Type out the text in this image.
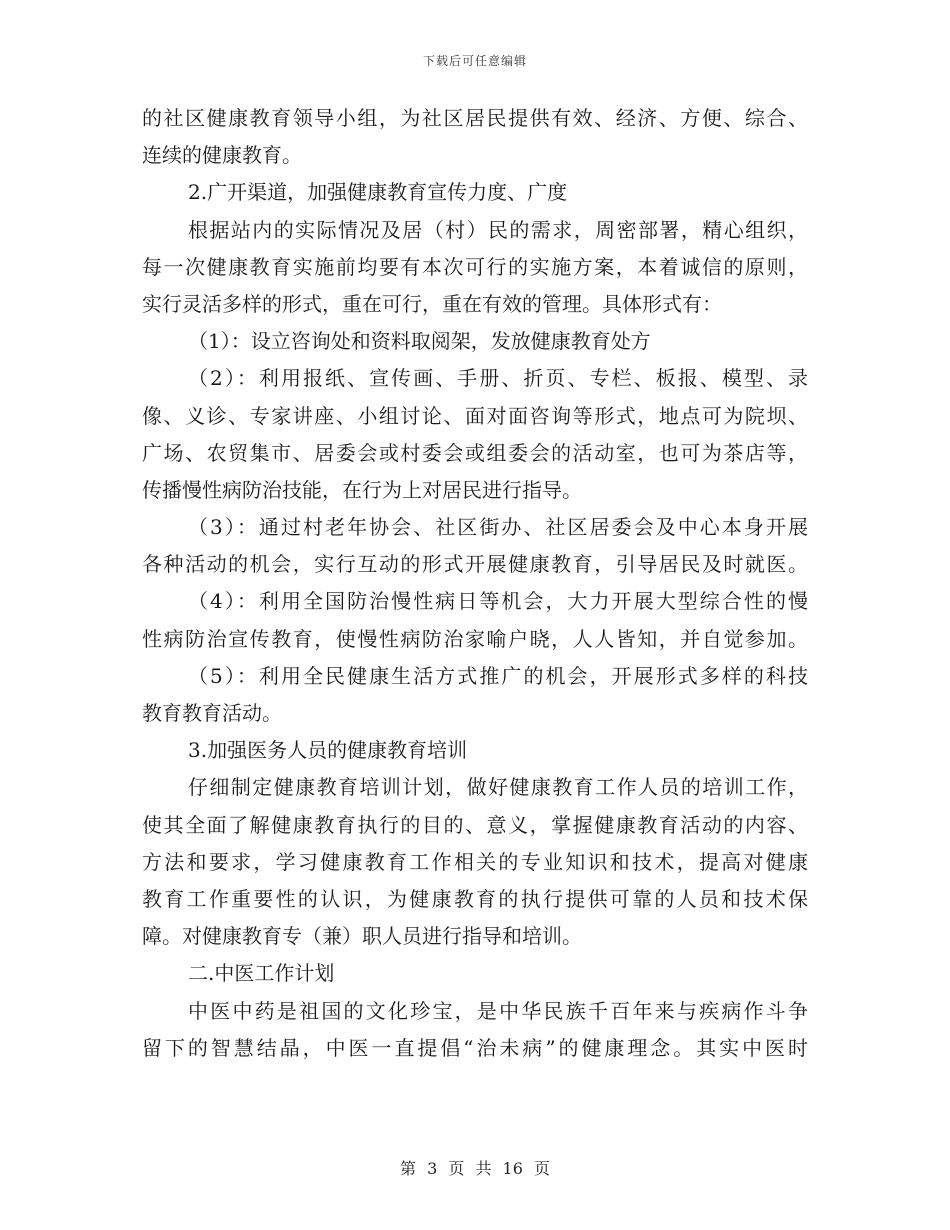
下载后可任意编辑
的社区健康教育领导小组，为社区居民提供有效、经济、方便、综合、
连续的健康教育。
2.广开渠道，加强健康教育宣传力度、广度
根据站内的实际情况及居（村）民的需求，周密部署，精心组织，
每一次健康教育实施前均要有本次可行的实施方案，本着诚信的原则，
实行灵活多样的形式，重在可行，重在有效的管理。具体形式有：
（1）：设立咨询处和资料取阅架，发放健康教育处方
（2）：利用报纸、宣传画、手册、折页、专栏、板报、模型、录
像、义诊、专家讲座、小组讨论、面对面咨询等形式，地点可为院坝、
广场、农贸集市、居委会或村委会或组委会的活动室，也可为茶店等，
传播慢性病防治技能，在行为上对居民进行指导。
（3）：通过村老年协会、社区街办、社区居委会及中心本身开展
各种活动的机会，实行互动的形式开展健康教育，引导居民及时就医。
（4）：利用全国防治慢性病日等机会，大力开展大型综合性的慢
性病防治宣传教育，使慢性病防治家喻户晓，人人皆知，并自觉参加。
（5）：利用全民健康生活方式推广的机会，开展形式多样的科技
教育教育活动。
3.加强医务人员的健康教育培训
仔细制定健康教育培训计划，做好健康教育工作人员的培训工作，
使其全面了解健康教育执行的目的、意义，掌握健康教育活动的内容、
方法和要求，学习健康教育工作相关的专业知识和技术，提高对健康
教育工作重要性的认识，为健康教育的执行提供可靠的人员和技术保
障。对健康教育专（兼）职人员进行指导和培训。
二.中医工作计划
中医中药是祖国的文化珍宝，是中华民族千百年来与疾病作斗争
留下的智慧结晶，中医一直提倡“治未病”的健康理念。其实中医时
第 3 页 共 16 页
